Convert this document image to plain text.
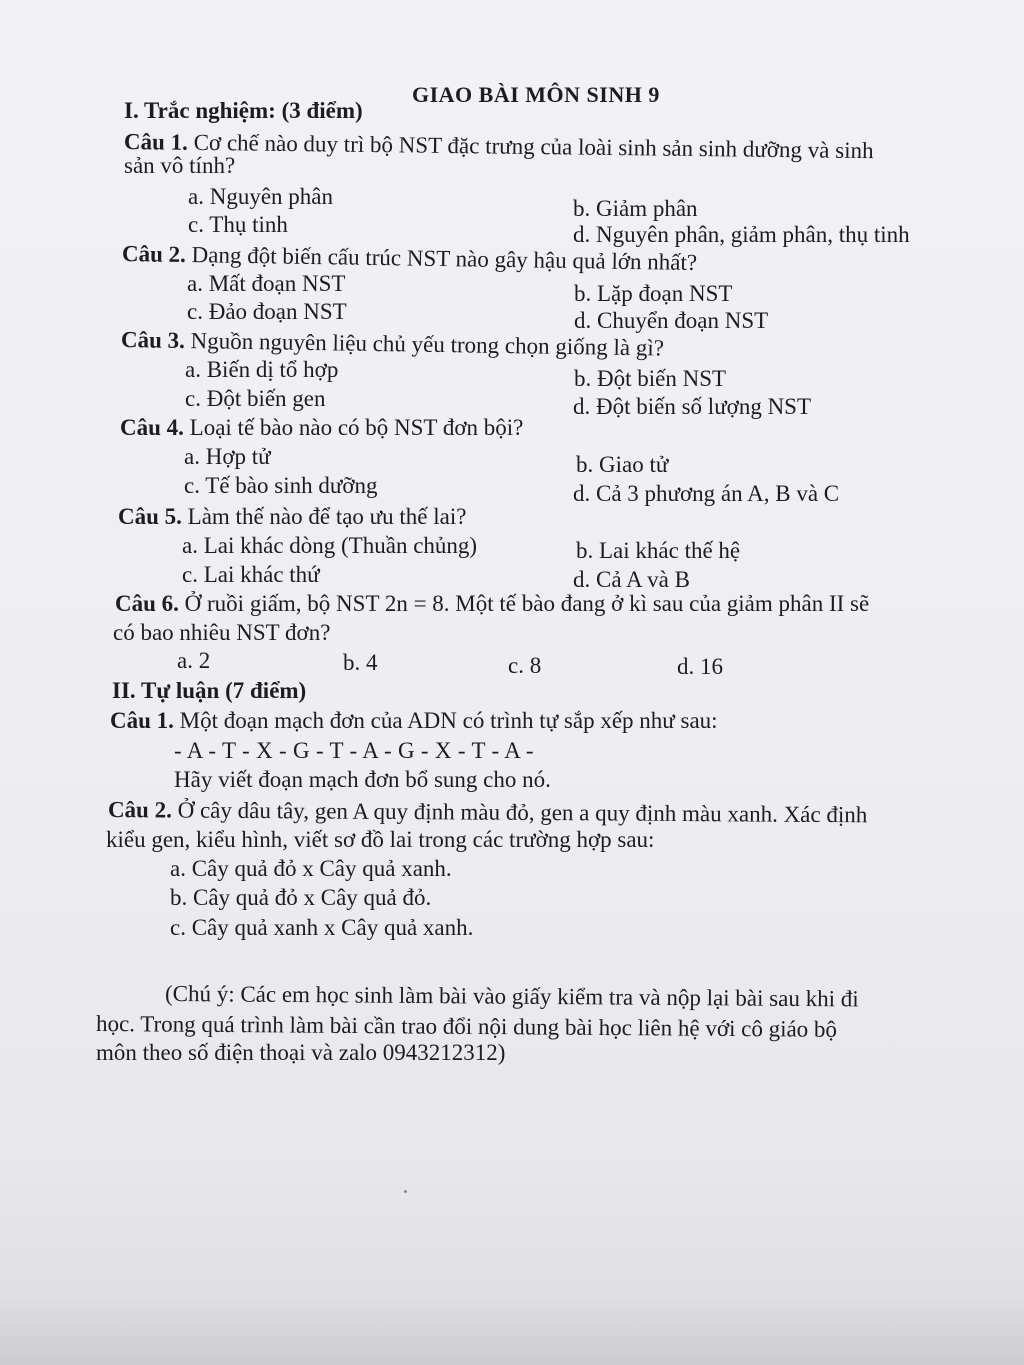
GIAO BÀI MÔN SINH 9
I. Trắc nghiệm: (3 điểm)
Câu 1. Cơ chế nào duy trì bộ NST đặc trưng của loài sinh sản sinh dưỡng và sinh
sản vô tính?
a. Nguyên phân	b. Giảm phân
c. Thụ tinh	d. Nguyên phân, giảm phân, thụ tinh
Câu 2. Dạng đột biến cấu trúc NST nào gây hậu quả lớn nhất?
a. Mất đoạn NST	b. Lặp đoạn NST
c. Đảo đoạn NST	d. Chuyển đoạn NST
Câu 3. Nguồn nguyên liệu chủ yếu trong chọn giống là gì?
a. Biến dị tổ hợp	b. Đột biến NST
c. Đột biến gen	d. Đột biến số lượng NST
Câu 4. Loại tế bào nào có bộ NST đơn bội?
a. Hợp tử	b. Giao tử
c. Tế bào sinh dưỡng	d. Cả 3 phương án A, B và C
Câu 5. Làm thế nào để tạo ưu thế lai?
a. Lai khác dòng (Thuần chủng)	b. Lai khác thế hệ
c. Lai khác thứ	d. Cả A và B
Câu 6. Ở ruồi giấm, bộ NST 2n = 8. Một tế bào đang ở kì sau của giảm phân II sẽ
có bao nhiêu NST đơn?
a. 2	b. 4	c. 8	d. 16
II. Tự luận (7 điểm)
Câu 1. Một đoạn mạch đơn của ADN có trình tự sắp xếp như sau:
- A - T - X - G - T - A - G - X - T - A -
Hãy viết đoạn mạch đơn bổ sung cho nó.
Câu 2. Ở cây dâu tây, gen A quy định màu đỏ, gen a quy định màu xanh. Xác định
kiểu gen, kiểu hình, viết sơ đồ lai trong các trường hợp sau:
a. Cây quả đỏ x Cây quả xanh.
b. Cây quả đỏ x Cây quả đỏ.
c. Cây quả xanh x Cây quả xanh.
(Chú ý: Các em học sinh làm bài vào giấy kiểm tra và nộp lại bài sau khi đi
học. Trong quá trình làm bài cần trao đổi nội dung bài học liên hệ với cô giáo bộ
môn theo số điện thoại và zalo 0943212312)
